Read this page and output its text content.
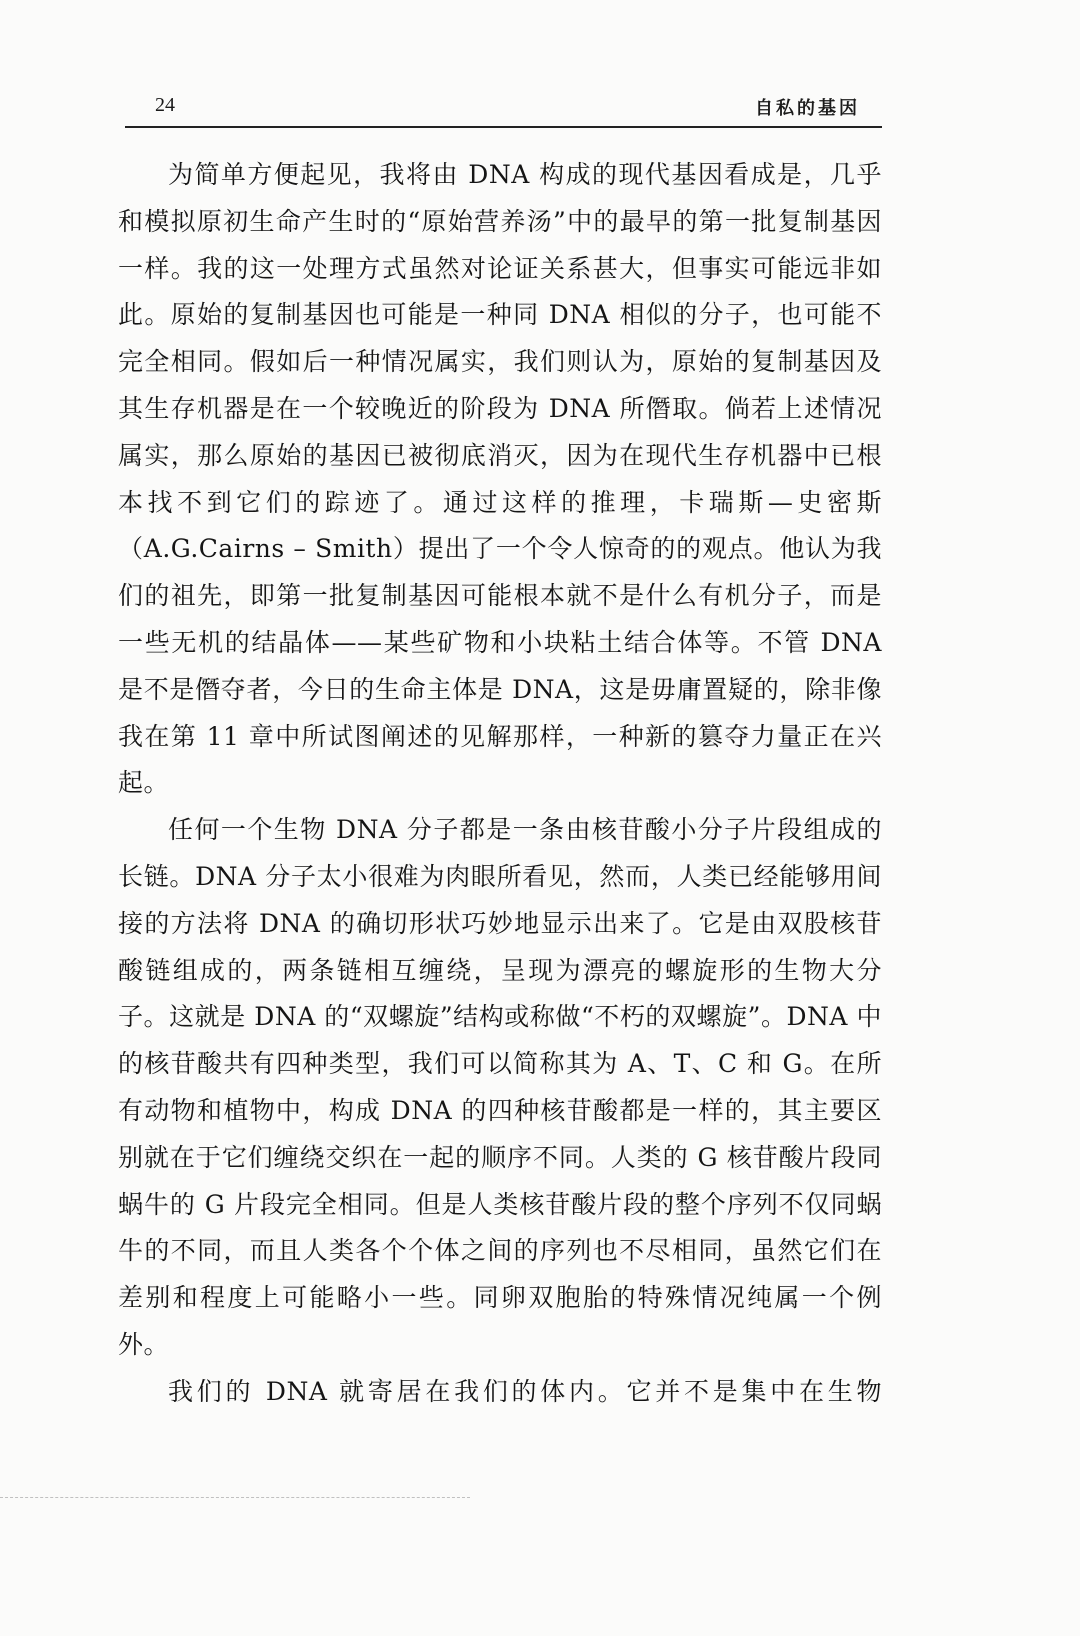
24	自私的基因

为简单方便起见，我将由 DNA 构成的现代基因看成是，几乎和模拟原初生命产生时的“原始营养汤”中的最早的第一批复制基因一样。我的这一处理方式虽然对论证关系甚大，但事实可能远非如此。原始的复制基因也可能是一种同 DNA 相似的分子，也可能不完全相同。假如后一种情况属实，我们则认为，原始的复制基因及其生存机器是在一个较晚近的阶段为 DNA 所僭取。倘若上述情况属实，那么原始的基因已被彻底消灭，因为在现代生存机器中已根本找不到它们的踪迹了。通过这样的推理，卡瑞斯—史密斯（A.G.Cairns – Smith）提出了一个令人惊奇的的观点。他认为我们的祖先，即第一批复制基因可能根本就不是什么有机分子，而是一些无机的结晶体——某些矿物和小块粘土结合体等。不管 DNA 是不是僭夺者，今日的生命主体是 DNA，这是毋庸置疑的，除非像我在第 11 章中所试图阐述的见解那样，一种新的篡夺力量正在兴起。

任何一个生物 DNA 分子都是一条由核苷酸小分子片段组成的长链。DNA 分子太小很难为肉眼所看见，然而，人类已经能够用间接的方法将 DNA 的确切形状巧妙地显示出来了。它是由双股核苷酸链组成的，两条链相互缠绕，呈现为漂亮的螺旋形的生物大分子。这就是 DNA 的“双螺旋”结构或称做“不朽的双螺旋”。DNA 中的核苷酸共有四种类型，我们可以简称其为 A、T、C 和 G。在所有动物和植物中，构成 DNA 的四种核苷酸都是一样的，其主要区别就在于它们缠绕交织在一起的顺序不同。人类的 G 核苷酸片段同蜗牛的 G 片段完全相同。但是人类核苷酸片段的整个序列不仅同蜗牛的不同，而且人类各个个体之间的序列也不尽相同，虽然它们在差别和程度上可能略小一些。同卵双胞胎的特殊情况纯属一个例外。

我们的 DNA 就寄居在我们的体内。它并不是集中在生物
